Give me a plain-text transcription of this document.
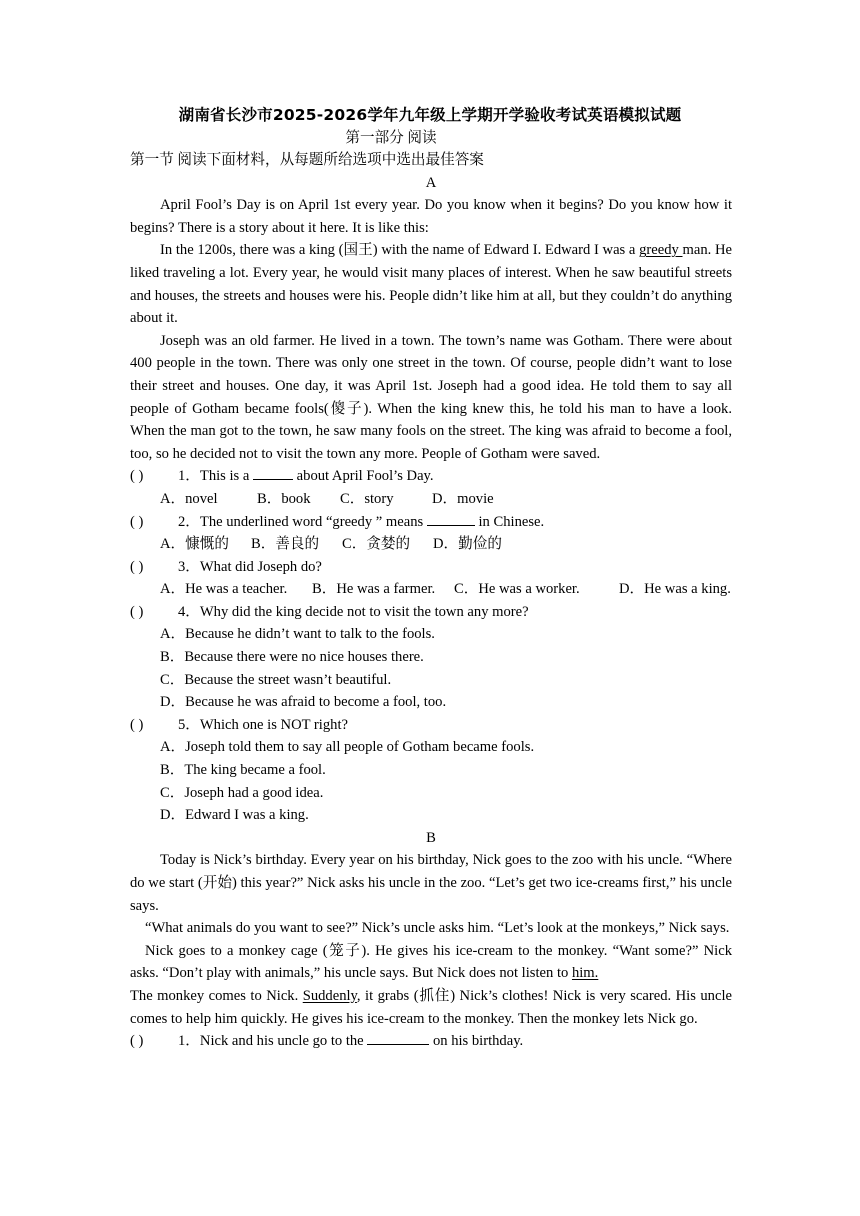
湖南省长沙市2025-2026学年九年级上学期开学验收考试英语模拟试题
第一部分 阅读
第一节 阅读下面材料，从每题所给选项中选出最佳答案
A
April Fool’s Day is on April 1st every year. Do you know when it begins? Do you know how it begins? There is a story about it here. It is like this:
In the 1200s, there was a king (国王) with the name of Edward I. Edward I was a greedy man. He liked traveling a lot. Every year, he would visit many places of interest. When he saw beautiful streets and houses, the streets and houses were his. People didn’t like him at all, but they couldn’t do anything about it.
Joseph was an old farmer. He lived in a town. The town’s name was Gotham. There were about 400 people in the town. There was only one street in the town. Of course, people didn’t want to lose their street and houses. One day, it was April 1st. Joseph had a good idea. He told them to say all people of Gotham became fools(傻子). When the king knew this, he told his man to have a look. When the man got to the town, he saw many fools on the street. The king was afraid to become a fool, too, so he decided not to visit the town any more. People of Gotham were saved.
( ) 1．This is a	about April Fool’s Day.
A．novel	B．book C．story	D．movie
( ) 2．The underlined word “greedy ” means	in Chinese.
A．慷慨的 B．善良的 C．贪婪的 D．勤俭的
( ) 3．What did Joseph do?
A．He was a teacher. B．He was a farmer. C．He was a worker.	D．He was a king.
( ) 4．Why did the king decide not to visit the town any more?
A．Because he didn’t want to talk to the fools.
B．Because there were no nice houses there.
C．Because the street wasn’t beautiful.
D．Because he was afraid to become a fool, too.
( ) 5．Which one is NOT right?
A．Joseph told them to say all people of Gotham became fools.
B．The king became a fool.
C．Joseph had a good idea.
D．Edward I was a king.
B
Today is Nick’s birthday. Every year on his birthday, Nick goes to the zoo with his uncle. “Where do we start (开始) this year?” Nick asks his uncle in the zoo. “Let’s get two ice-creams first,” his uncle says.
“What animals do you want to see?” Nick’s uncle asks him. “Let’s look at the monkeys,” Nick says.
Nick goes to a monkey cage (笼子). He gives his ice-cream to the monkey. “Want some?” Nick asks. “Don’t play with animals,” his uncle says. But Nick does not listen to him.
The monkey comes to Nick. Suddenly, it grabs (抓住) Nick’s clothes! Nick is very scared. His uncle comes to help him quickly. He gives his ice-cream to the monkey. Then the monkey lets Nick go.
( ) 1．Nick and his uncle go to the	on his birthday.
